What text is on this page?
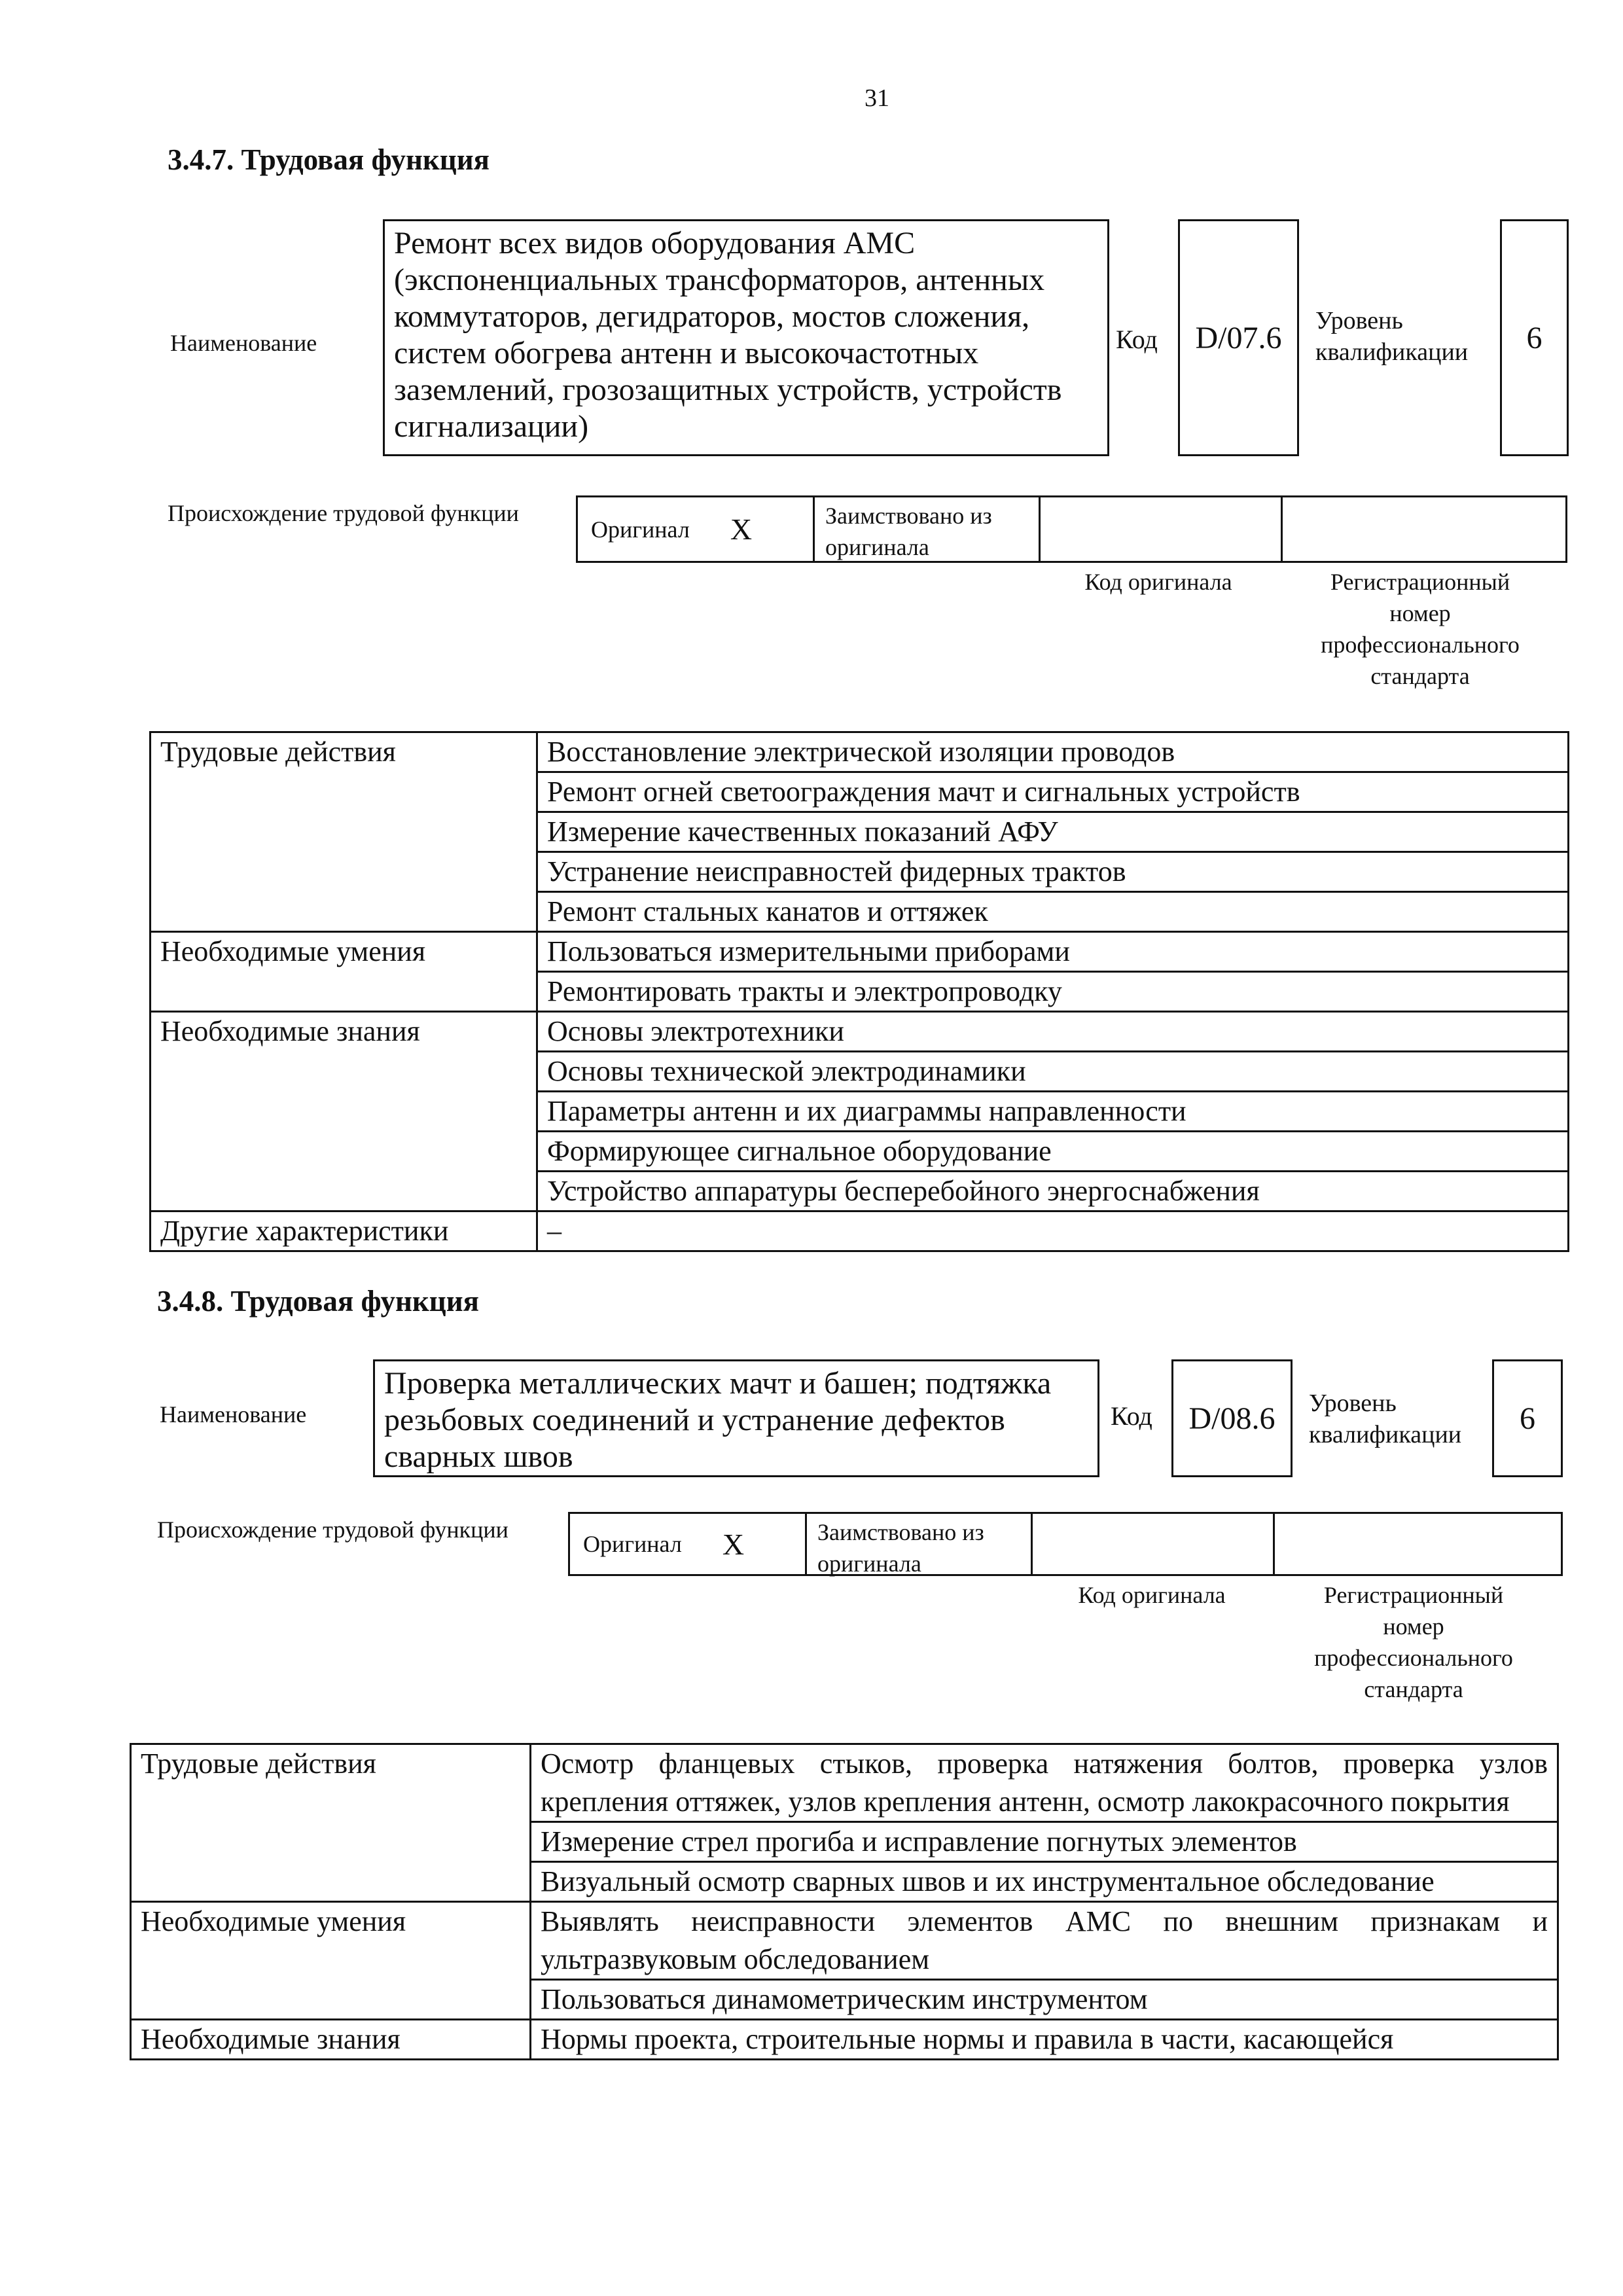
31
3.4.7. Трудовая функция
Наименование
Ремонт всех видов оборудования АМС (экспоненциальных трансформаторов, антенных коммутаторов, дегидраторов, мостов сложения, систем обогрева антенн и высокочастотных заземлений, грозозащитных устройств, устройств сигнализации)
Код	D/07.6	Уровень квалификации	6
Происхождение трудовой функции
Оригинал X	Заимствовано из оригинала
Код оригинала	Регистрационный номер профессионального стандарта
Трудовые действия	Восстановление электрической изоляции проводов
	Ремонт огней светоограждения мачт и сигнальных устройств
	Измерение качественных показаний АФУ
	Устранение неисправностей фидерных трактов
	Ремонт стальных канатов и оттяжек
Необходимые умения	Пользоваться измерительными приборами
	Ремонтировать тракты и электропроводку
Необходимые знания	Основы электротехники
	Основы технической электродинамики
	Параметры антенн и их диаграммы направленности
	Формирующее сигнальное оборудование
	Устройство аппаратуры бесперебойного энергоснабжения
Другие характеристики	–
3.4.8. Трудовая функция
Наименование
Проверка металлических мачт и башен; подтяжка резьбовых соединений и устранение дефектов сварных швов
Код	D/08.6	Уровень квалификации	6
Происхождение трудовой функции
Оригинал X	Заимствовано из оригинала
Код оригинала	Регистрационный номер профессионального стандарта
Трудовые действия	Осмотр фланцевых стыков, проверка натяжения болтов, проверка узлов крепления оттяжек, узлов крепления антенн, осмотр лакокрасочного покрытия
	Измерение стрел прогиба и исправление погнутых элементов
	Визуальный осмотр сварных швов и их инструментальное обследование
Необходимые умения	Выявлять неисправности элементов АМС по внешним признакам и ультразвуковым обследованием
	Пользоваться динамометрическим инструментом
Необходимые знания	Нормы проекта, строительные нормы и правила в части, касающейся
